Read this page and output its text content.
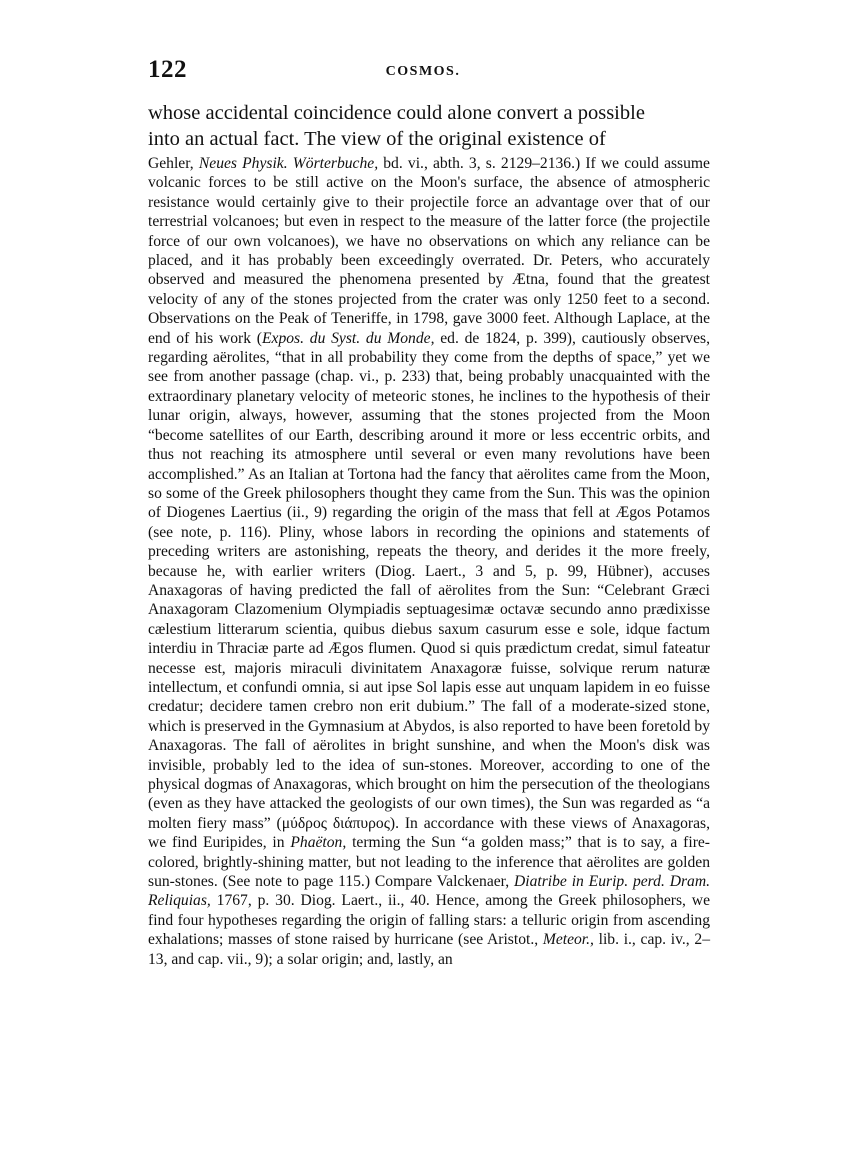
122	COSMOS.

whose accidental coincidence could alone convert a possible

into an actual fact. The view of the original existence of

Gehler, Neues Physik. Wörterbuche, bd. vi., abth. 3, s. 2129–2136.) If we could assume volcanic forces to be still active on the Moon's surface, the absence of atmospheric resistance would certainly give to their projectile force an advantage over that of our terrestrial volcanoes; but even in respect to the measure of the latter force (the projectile force of our own volcanoes), we have no observations on which any reliance can be placed, and it has probably been exceedingly overrated. Dr. Peters, who accurately observed and measured the phenomena presented by Ætna, found that the greatest velocity of any of the stones projected from the crater was only 1250 feet to a second. Observations on the Peak of Teneriffe, in 1798, gave 3000 feet. Although Laplace, at the end of his work (Expos. du Syst. du Monde, ed. de 1824, p. 399), cautiously observes, regarding aërolites, “that in all probability they come from the depths of space,” yet we see from another passage (chap. vi., p. 233) that, being probably unacquainted with the extraordinary planetary velocity of meteoric stones, he inclines to the hypothesis of their lunar origin, always, however, assuming that the stones projected from the Moon “become satellites of our Earth, describing around it more or less eccentric orbits, and thus not reaching its atmosphere until several or even many revolutions have been accomplished.” As an Italian at Tortona had the fancy that aërolites came from the Moon, so some of the Greek philosophers thought they came from the Sun. This was the opinion of Diogenes Laertius (ii., 9) regarding the origin of the mass that fell at Ægos Potamos (see note, p. 116). Pliny, whose labors in recording the opinions and statements of preceding writers are astonishing, repeats the theory, and derides it the more freely, because he, with earlier writers (Diog. Laert., 3 and 5, p. 99, Hübner), accuses Anaxagoras of having predicted the fall of aërolites from the Sun: “Celebrant Græci Anaxagoram Clazomenium Olympiadis septuagesimæ octavæ secundo anno prædixisse cælestium litterarum scientia, quibus diebus saxum casurum esse e sole, idque factum interdiu in Thraciæ parte ad Ægos flumen. Quod si quis prædictum credat, simul fateatur necesse est, majoris miraculi divinitatem Anaxagoræ fuisse, solvique rerum naturæ intellectum, et confundi omnia, si aut ipse Sol lapis esse aut unquam lapidem in eo fuisse credatur; decidere tamen crebro non erit dubium.” The fall of a moderate-sized stone, which is preserved in the Gymnasium at Abydos, is also reported to have been foretold by Anaxagoras. The fall of aërolites in bright sunshine, and when the Moon's disk was invisible, probably led to the idea of sun-stones. Moreover, according to one of the physical dogmas of Anaxagoras, which brought on him the persecution of the theologians (even as they have attacked the geologists of our own times), the Sun was regarded as “a molten fiery mass” (μύδρος διάπυρος). In accordance with these views of Anaxagoras, we find Euripides, in Phaëton, terming the Sun “a golden mass;” that is to say, a fire-colored, brightly-shining matter, but not leading to the inference that aërolites are golden sun-stones. (See note to page 115.) Compare Valckenaer, Diatribe in Eurip. perd. Dram. Reliquias, 1767, p. 30. Diog. Laert., ii., 40. Hence, among the Greek philosophers, we find four hypotheses regarding the origin of falling stars: a telluric origin from ascending exhalations; masses of stone raised by hurricane (see Aristot., Meteor., lib. i., cap. iv., 2–13, and cap. vii., 9); a solar origin; and, lastly, an
